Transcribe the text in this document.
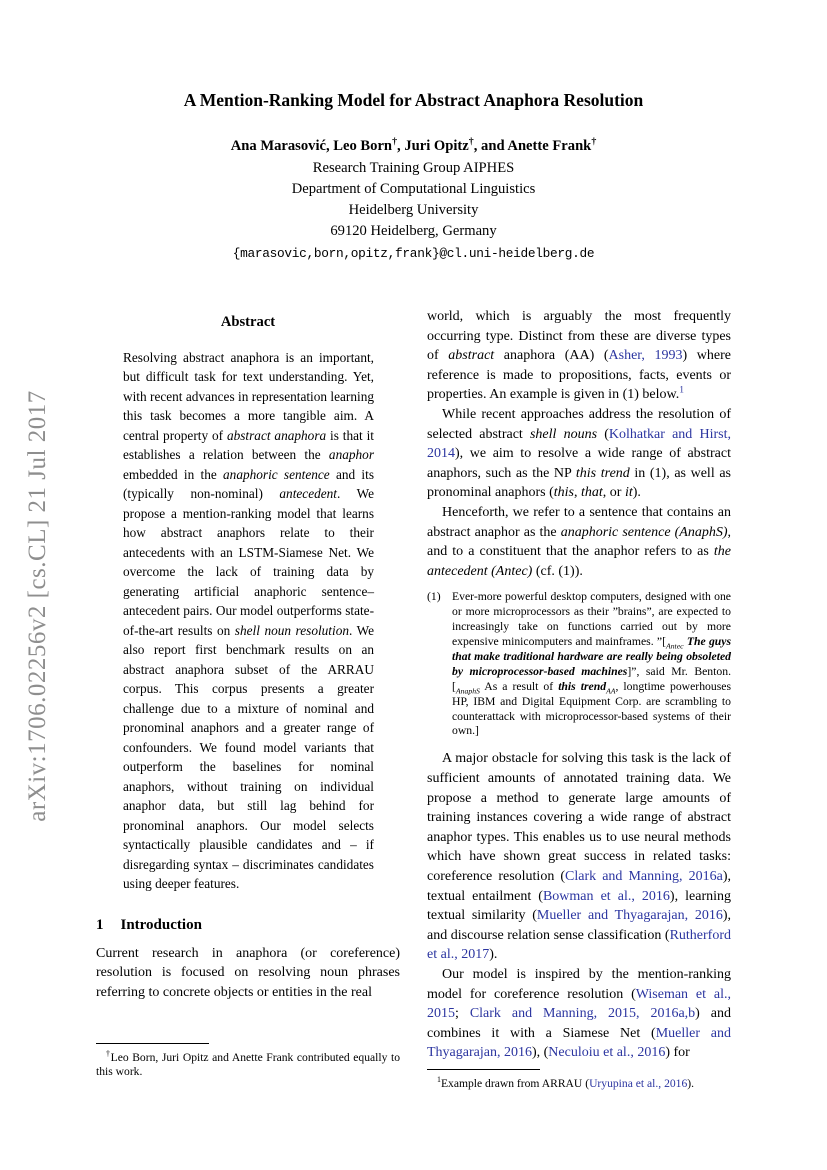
arXiv:1706.02256v2 [cs.CL] 21 Jul 2017
A Mention-Ranking Model for Abstract Anaphora Resolution
Ana Marasović, Leo Born†, Juri Opitz†, and Anette Frank†
Research Training Group AIPHES
Department of Computational Linguistics
Heidelberg University
69120 Heidelberg, Germany
{marasovic,born,opitz,frank}@cl.uni-heidelberg.de
Abstract
Resolving abstract anaphora is an important, but difficult task for text understanding. Yet, with recent advances in representation learning this task becomes a more tangible aim. A central property of abstract anaphora is that it establishes a relation between the anaphor embedded in the anaphoric sentence and its (typically non-nominal) antecedent. We propose a mention-ranking model that learns how abstract anaphors relate to their antecedents with an LSTM-Siamese Net. We overcome the lack of training data by generating artificial anaphoric sentence–antecedent pairs. Our model outperforms state-of-the-art results on shell noun resolution. We also report first benchmark results on an abstract anaphora subset of the ARRAU corpus. This corpus presents a greater challenge due to a mixture of nominal and pronominal anaphors and a greater range of confounders. We found model variants that outperform the baselines for nominal anaphors, without training on individual anaphor data, but still lag behind for pronominal anaphors. Our model selects syntactically plausible candidates and – if disregarding syntax – discriminates candidates using deeper features.
1 Introduction

Current research in anaphora (or coreference) resolution is focused on resolving noun phrases referring to concrete objects or entities in the real

†Leo Born, Juri Opitz and Anette Frank contributed equally to this work.

world, which is arguably the most frequently occurring type. Distinct from these are diverse types of abstract anaphora (AA) (Asher, 1993) where reference is made to propositions, facts, events or properties. An example is given in (1) below.$^1$

While recent approaches address the resolution of selected abstract shell nouns (Kolhatkar and Hirst, 2014), we aim to resolve a wide range of abstract anaphors, such as the NP this trend in (1), as well as pronominal anaphors (this, that, or it).

Henceforth, we refer to a sentence that contains an abstract anaphor as the anaphoric sentence (AnaphS), and to a constituent that the anaphor refers to as the antecedent (Antec) (cf. (1)).

(1) Ever-more powerful desktop computers, designed with one or more microprocessors as their ”brains”, are expected to increasingly take on functions carried out by more expensive minicomputers and mainframes. $”[_{Antec}$ The guys that make traditional hardware are really being obsoleted by microprocessor-based machines]”, said Mr. Benton. [$_{AnaphS}$ As a result of this trend$_{AA}$, longtime powerhouses HP, IBM and Digital Equipment Corp. are scrambling to counterattack with microprocessor-based systems of their own.]

A major obstacle for solving this task is the lack of sufficient amounts of annotated training data. We propose a method to generate large amounts of training instances covering a wide range of abstract anaphor types. This enables us to use neural methods which have shown great success in related tasks: coreference resolution (Clark and Manning, 2016a), textual entailment (Bowman et al., 2016), learning textual similarity (Mueller and Thyagarajan, 2016), and discourse relation sense classification (Rutherford et al., 2017).

Our model is inspired by the mention-ranking model for coreference resolution (Wiseman et al., 2015; Clark and Manning, 2015, 2016a,b) and combines it with a Siamese Net (Mueller and Thyagarajan, 2016), (Neculoiu et al., 2016) for

$^1$Example drawn from ARRAU (Uryupina et al., 2016).
